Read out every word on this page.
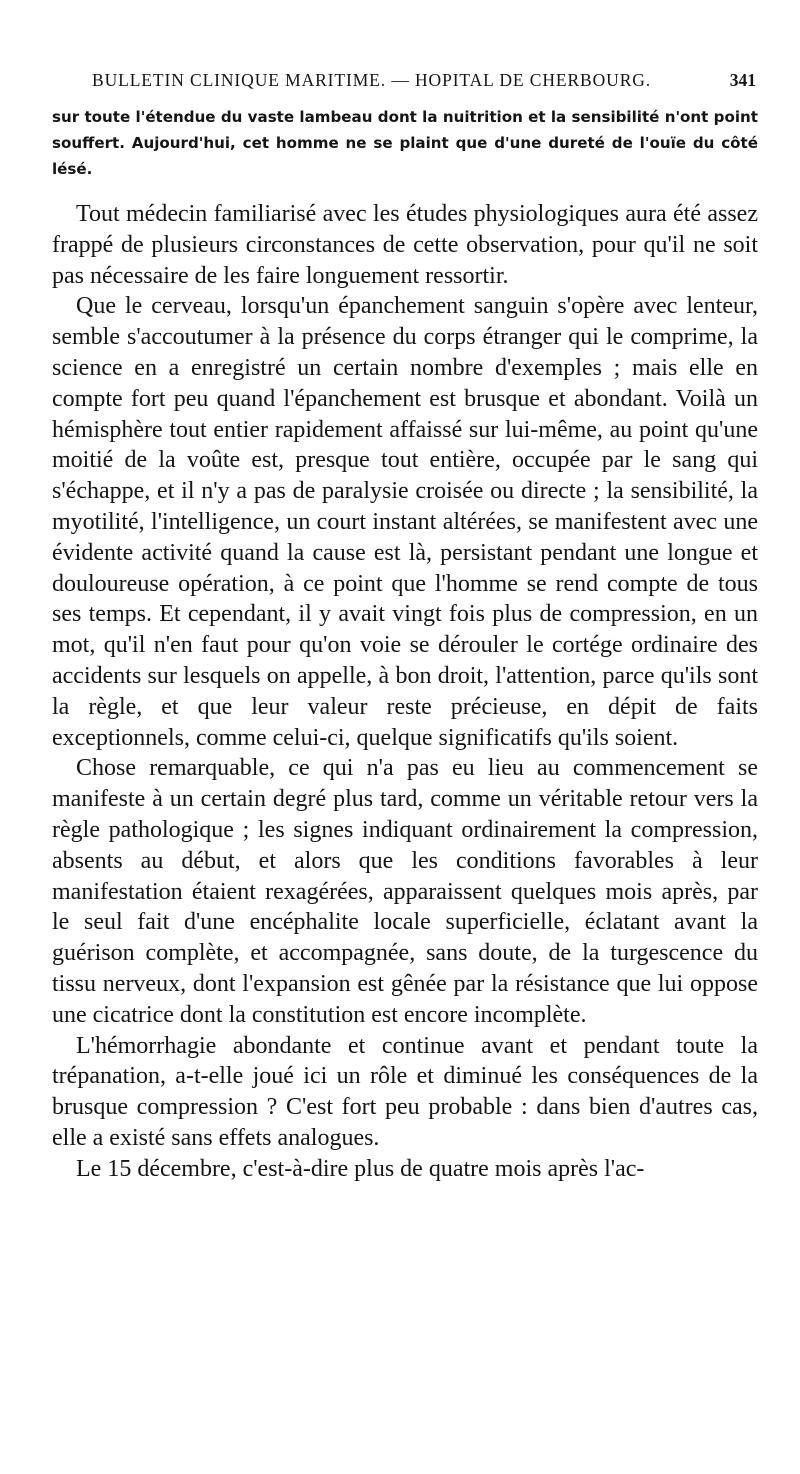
BULLETIN CLINIQUE MARITIME. — HOPITAL DE CHERBOURG.	341

sur toute l'étendue du vaste lambeau dont la nuitrition et la sensibilité n'ont point souffert. Aujourd'hui, cet homme ne se plaint que d'une dureté de l'ouïe du côté lésé.

Tout médecin familiarisé avec les études physiologiques aura été assez frappé de plusieurs circonstances de cette observation, pour qu'il ne soit pas nécessaire de les faire longuement ressortir.

Que le cerveau, lorsqu'un épanchement sanguin s'opère avec lenteur, semble s'accoutumer à la présence du corps étranger qui le comprime, la science en a enregistré un certain nombre d'exemples ; mais elle en compte fort peu quand l'épanchement est brusque et abondant. Voilà un hémisphère tout entier rapidement affaissé sur lui-même, au point qu'une moitié de la voûte est, presque tout entière, occupée par le sang qui s'échappe, et il n'y a pas de paralysie croisée ou directe ; la sensibilité, la myotilité, l'intelligence, un court instant altérées, se manifestent avec une évidente activité quand la cause est là, persistant pendant une longue et douloureuse opération, à ce point que l'homme se rend compte de tous ses temps. Et cependant, il y avait vingt fois plus de compression, en un mot, qu'il n'en faut pour qu'on voie se dérouler le cortége ordinaire des accidents sur lesquels on appelle, à bon droit, l'attention, parce qu'ils sont la règle, et que leur valeur reste précieuse, en dépit de faits exceptionnels, comme celui-ci, quelque significatifs qu'ils soient.

Chose remarquable, ce qui n'a pas eu lieu au commencement se manifeste à un certain degré plus tard, comme un véritable retour vers la règle pathologique ; les signes indiquant ordinairement la compression, absents au début, et alors que les conditions favorables à leur manifestation étaient rexagérées, apparaissent quelques mois après, par le seul fait d'une encéphalite locale superficielle, éclatant avant la guérison complète, et accompagnée, sans doute, de la turgescence du tissu nerveux, dont l'expansion est gênée par la résistance que lui oppose une cicatrice dont la constitution est encore incomplète.

L'hémorrhagie abondante et continue avant et pendant toute la trépanation, a-t-elle joué ici un rôle et diminué les conséquences de la brusque compression ? C'est fort peu probable : dans bien d'autres cas, elle a existé sans effets analogues.

Le 15 décembre, c'est-à-dire plus de quatre mois après l'ac-
